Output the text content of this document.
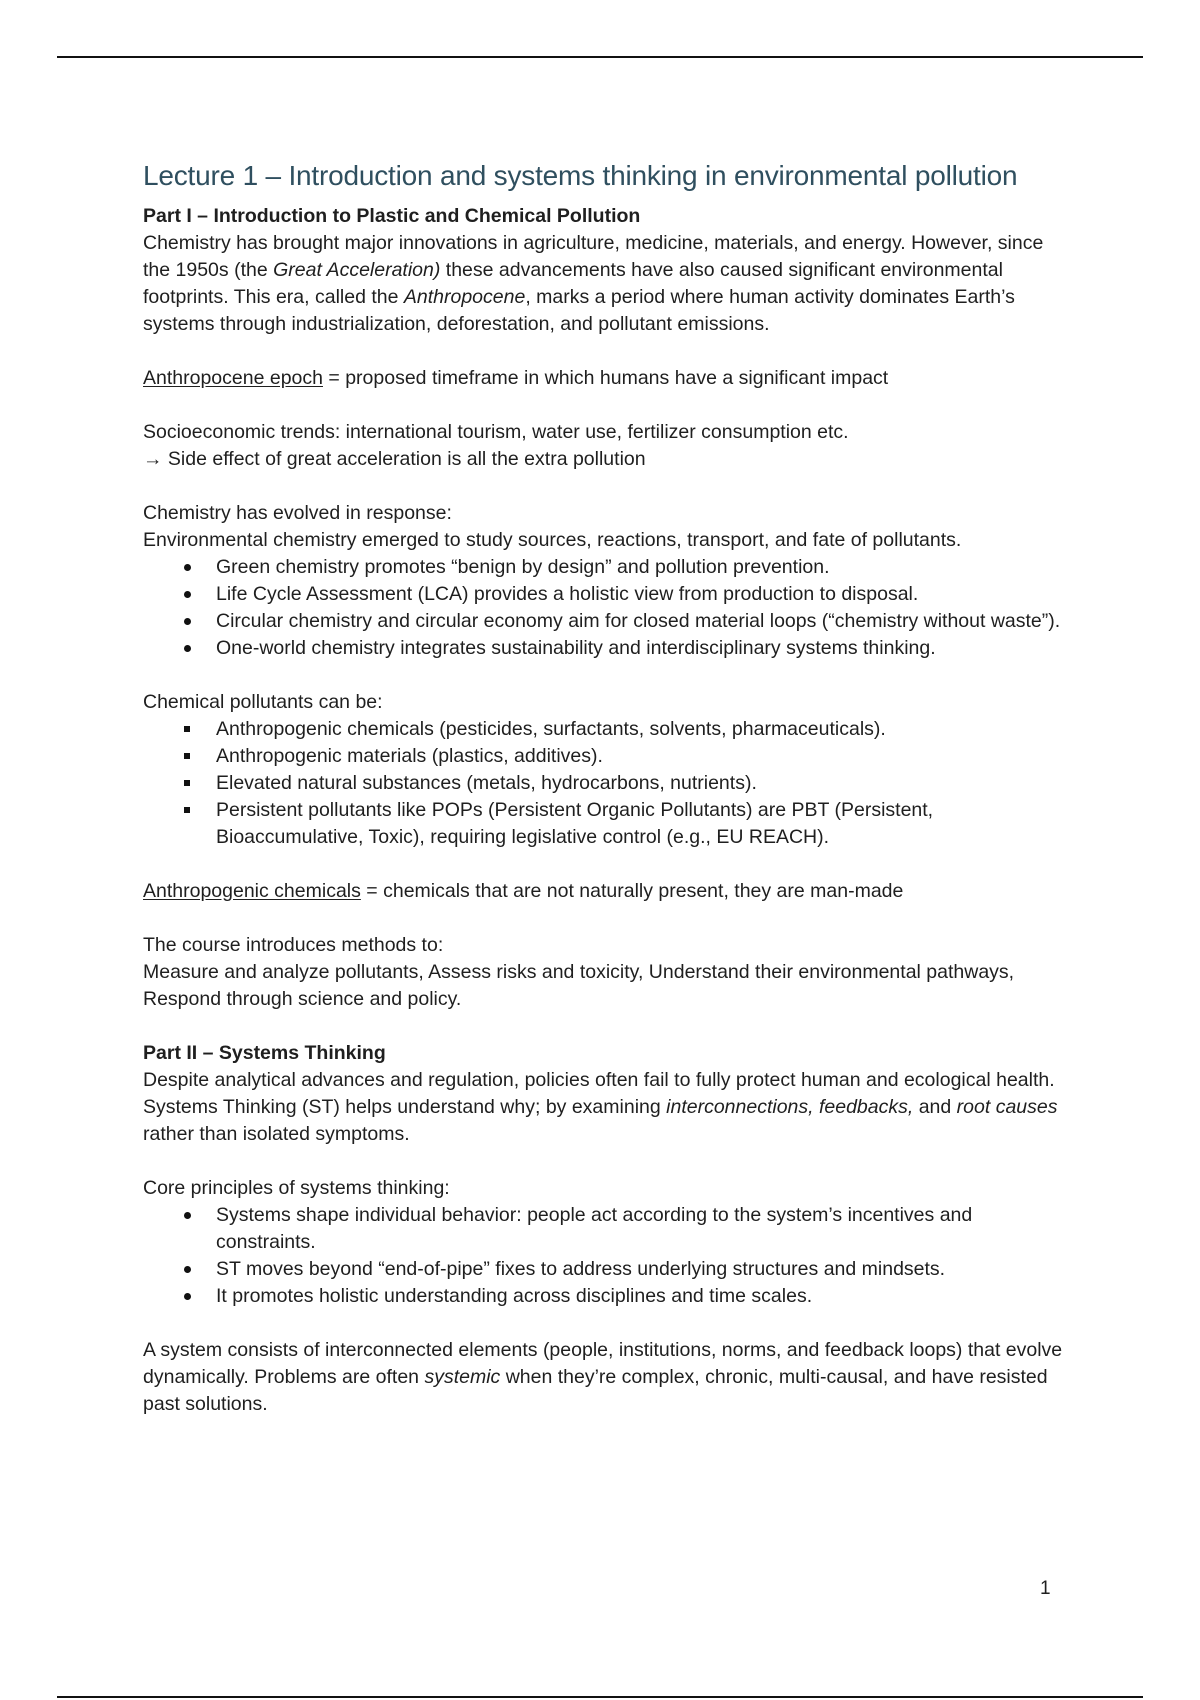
Lecture 1 – Introduction and systems thinking in environmental pollution

Part I – Introduction to Plastic and Chemical Pollution

Chemistry has brought major innovations in agriculture, medicine, materials, and energy. However, since the 1950s (the Great Acceleration) these advancements have also caused significant environmental footprints. This era, called the Anthropocene, marks a period where human activity dominates Earth’s systems through industrialization, deforestation, and pollutant emissions.

Anthropocene epoch = proposed timeframe in which humans have a significant impact

Socioeconomic trends: international tourism, water use, fertilizer consumption etc.

→ Side effect of great acceleration is all the extra pollution

Chemistry has evolved in response:

Environmental chemistry emerged to study sources, reactions, transport, and fate of pollutants.

Green chemistry promotes “benign by design” and pollution prevention.
Life Cycle Assessment (LCA) provides a holistic view from production to disposal.
Circular chemistry and circular economy aim for closed material loops (“chemistry without waste”).
One-world chemistry integrates sustainability and interdisciplinary systems thinking.

Chemical pollutants can be:

Anthropogenic chemicals (pesticides, surfactants, solvents, pharmaceuticals).
Anthropogenic materials (plastics, additives).
Elevated natural substances (metals, hydrocarbons, nutrients).
Persistent pollutants like POPs (Persistent Organic Pollutants) are PBT (Persistent, Bioaccumulative, Toxic), requiring legislative control (e.g., EU REACH).

Anthropogenic chemicals = chemicals that are not naturally present, they are man-made

The course introduces methods to:

Measure and analyze pollutants, Assess risks and toxicity, Understand their environmental pathways, Respond through science and policy.

Part II – Systems Thinking

Despite analytical advances and regulation, policies often fail to fully protect human and ecological health. Systems Thinking (ST) helps understand why; by examining interconnections, feedbacks, and root causes rather than isolated symptoms.

Core principles of systems thinking:

Systems shape individual behavior: people act according to the system’s incentives and constraints.
ST moves beyond “end-of-pipe” fixes to address underlying structures and mindsets.
It promotes holistic understanding across disciplines and time scales.

A system consists of interconnected elements (people, institutions, norms, and feedback loops) that evolve dynamically. Problems are often systemic when they’re complex, chronic, multi-causal, and have resisted past solutions.

1
